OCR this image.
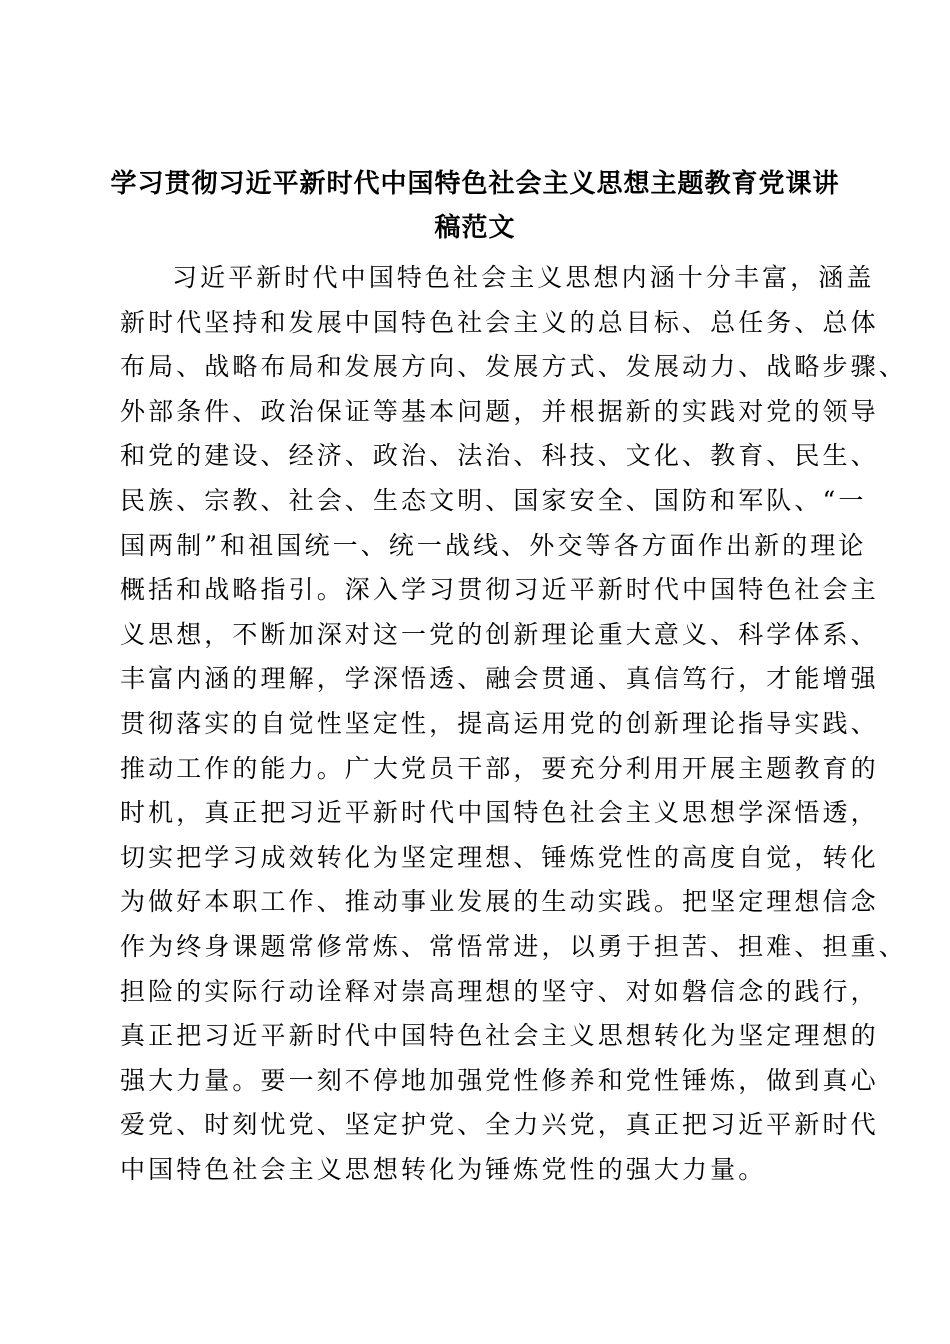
学习贯彻习近平新时代中国特色社会主义思想主题教育党课讲
稿范文
习近平新时代中国特色社会主义思想内涵十分丰富，涵盖
新时代坚持和发展中国特色社会主义的总目标、总任务、总体
布局、战略布局和发展方向、发展方式、发展动力、战略步骤、
外部条件、政治保证等基本问题，并根据新的实践对党的领导
和党的建设、经济、政治、法治、科技、文化、教育、民生、
民族、宗教、社会、生态文明、国家安全、国防和军队、“一
国两制”和祖国统一、统一战线、外交等各方面作出新的理论
概括和战略指引。深入学习贯彻习近平新时代中国特色社会主
义思想，不断加深对这一党的创新理论重大意义、科学体系、
丰富内涵的理解，学深悟透、融会贯通、真信笃行，才能增强
贯彻落实的自觉性坚定性，提高运用党的创新理论指导实践、
推动工作的能力。广大党员干部，要充分利用开展主题教育的
时机，真正把习近平新时代中国特色社会主义思想学深悟透，
切实把学习成效转化为坚定理想、锤炼党性的高度自觉，转化
为做好本职工作、推动事业发展的生动实践。把坚定理想信念
作为终身课题常修常炼、常悟常进，以勇于担苦、担难、担重、
担险的实际行动诠释对崇高理想的坚守、对如磐信念的践行，
真正把习近平新时代中国特色社会主义思想转化为坚定理想的
强大力量。要一刻不停地加强党性修养和党性锤炼，做到真心
爱党、时刻忧党、坚定护党、全力兴党，真正把习近平新时代
中国特色社会主义思想转化为锤炼党性的强大力量。
